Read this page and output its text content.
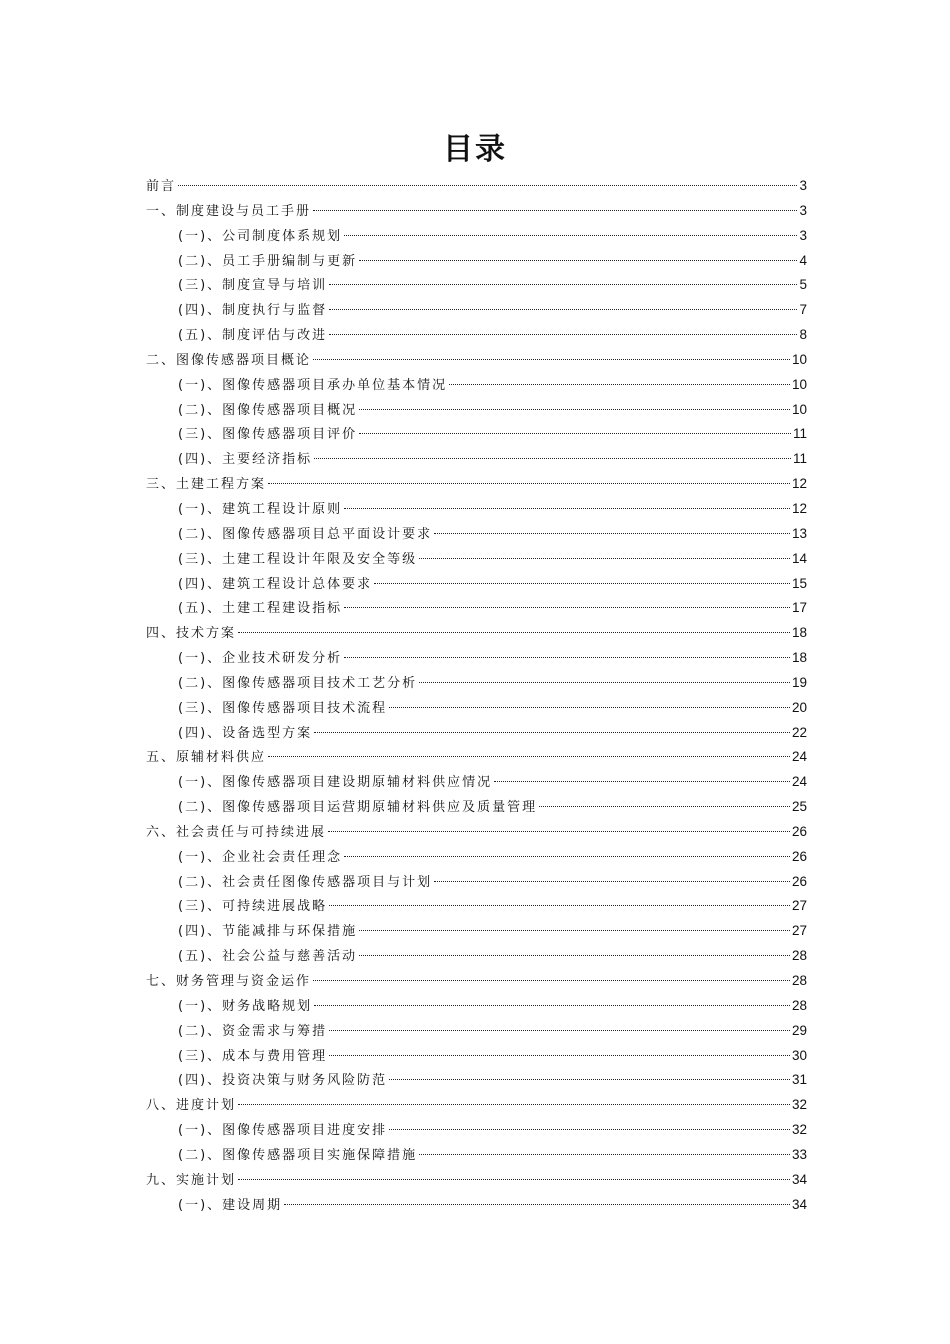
目录
前言	3
一、制度建设与员工手册	3
(一)、公司制度体系规划	3
(二)、员工手册编制与更新	4
(三)、制度宣导与培训	5
(四)、制度执行与监督	7
(五)、制度评估与改进	8
二、图像传感器项目概论	10
(一)、图像传感器项目承办单位基本情况	10
(二)、图像传感器项目概况	10
(三)、图像传感器项目评价	11
(四)、主要经济指标	11
三、土建工程方案	12
(一)、建筑工程设计原则	12
(二)、图像传感器项目总平面设计要求	13
(三)、土建工程设计年限及安全等级	14
(四)、建筑工程设计总体要求	15
(五)、土建工程建设指标	17
四、技术方案	18
(一)、企业技术研发分析	18
(二)、图像传感器项目技术工艺分析	19
(三)、图像传感器项目技术流程	20
(四)、设备选型方案	22
五、原辅材料供应	24
(一)、图像传感器项目建设期原辅材料供应情况	24
(二)、图像传感器项目运营期原辅材料供应及质量管理	25
六、社会责任与可持续进展	26
(一)、企业社会责任理念	26
(二)、社会责任图像传感器项目与计划	26
(三)、可持续进展战略	27
(四)、节能减排与环保措施	27
(五)、社会公益与慈善活动	28
七、财务管理与资金运作	28
(一)、财务战略规划	28
(二)、资金需求与筹措	29
(三)、成本与费用管理	30
(四)、投资决策与财务风险防范	31
八、进度计划	32
(一)、图像传感器项目进度安排	32
(二)、图像传感器项目实施保障措施	33
九、实施计划	34
(一)、建设周期	34
